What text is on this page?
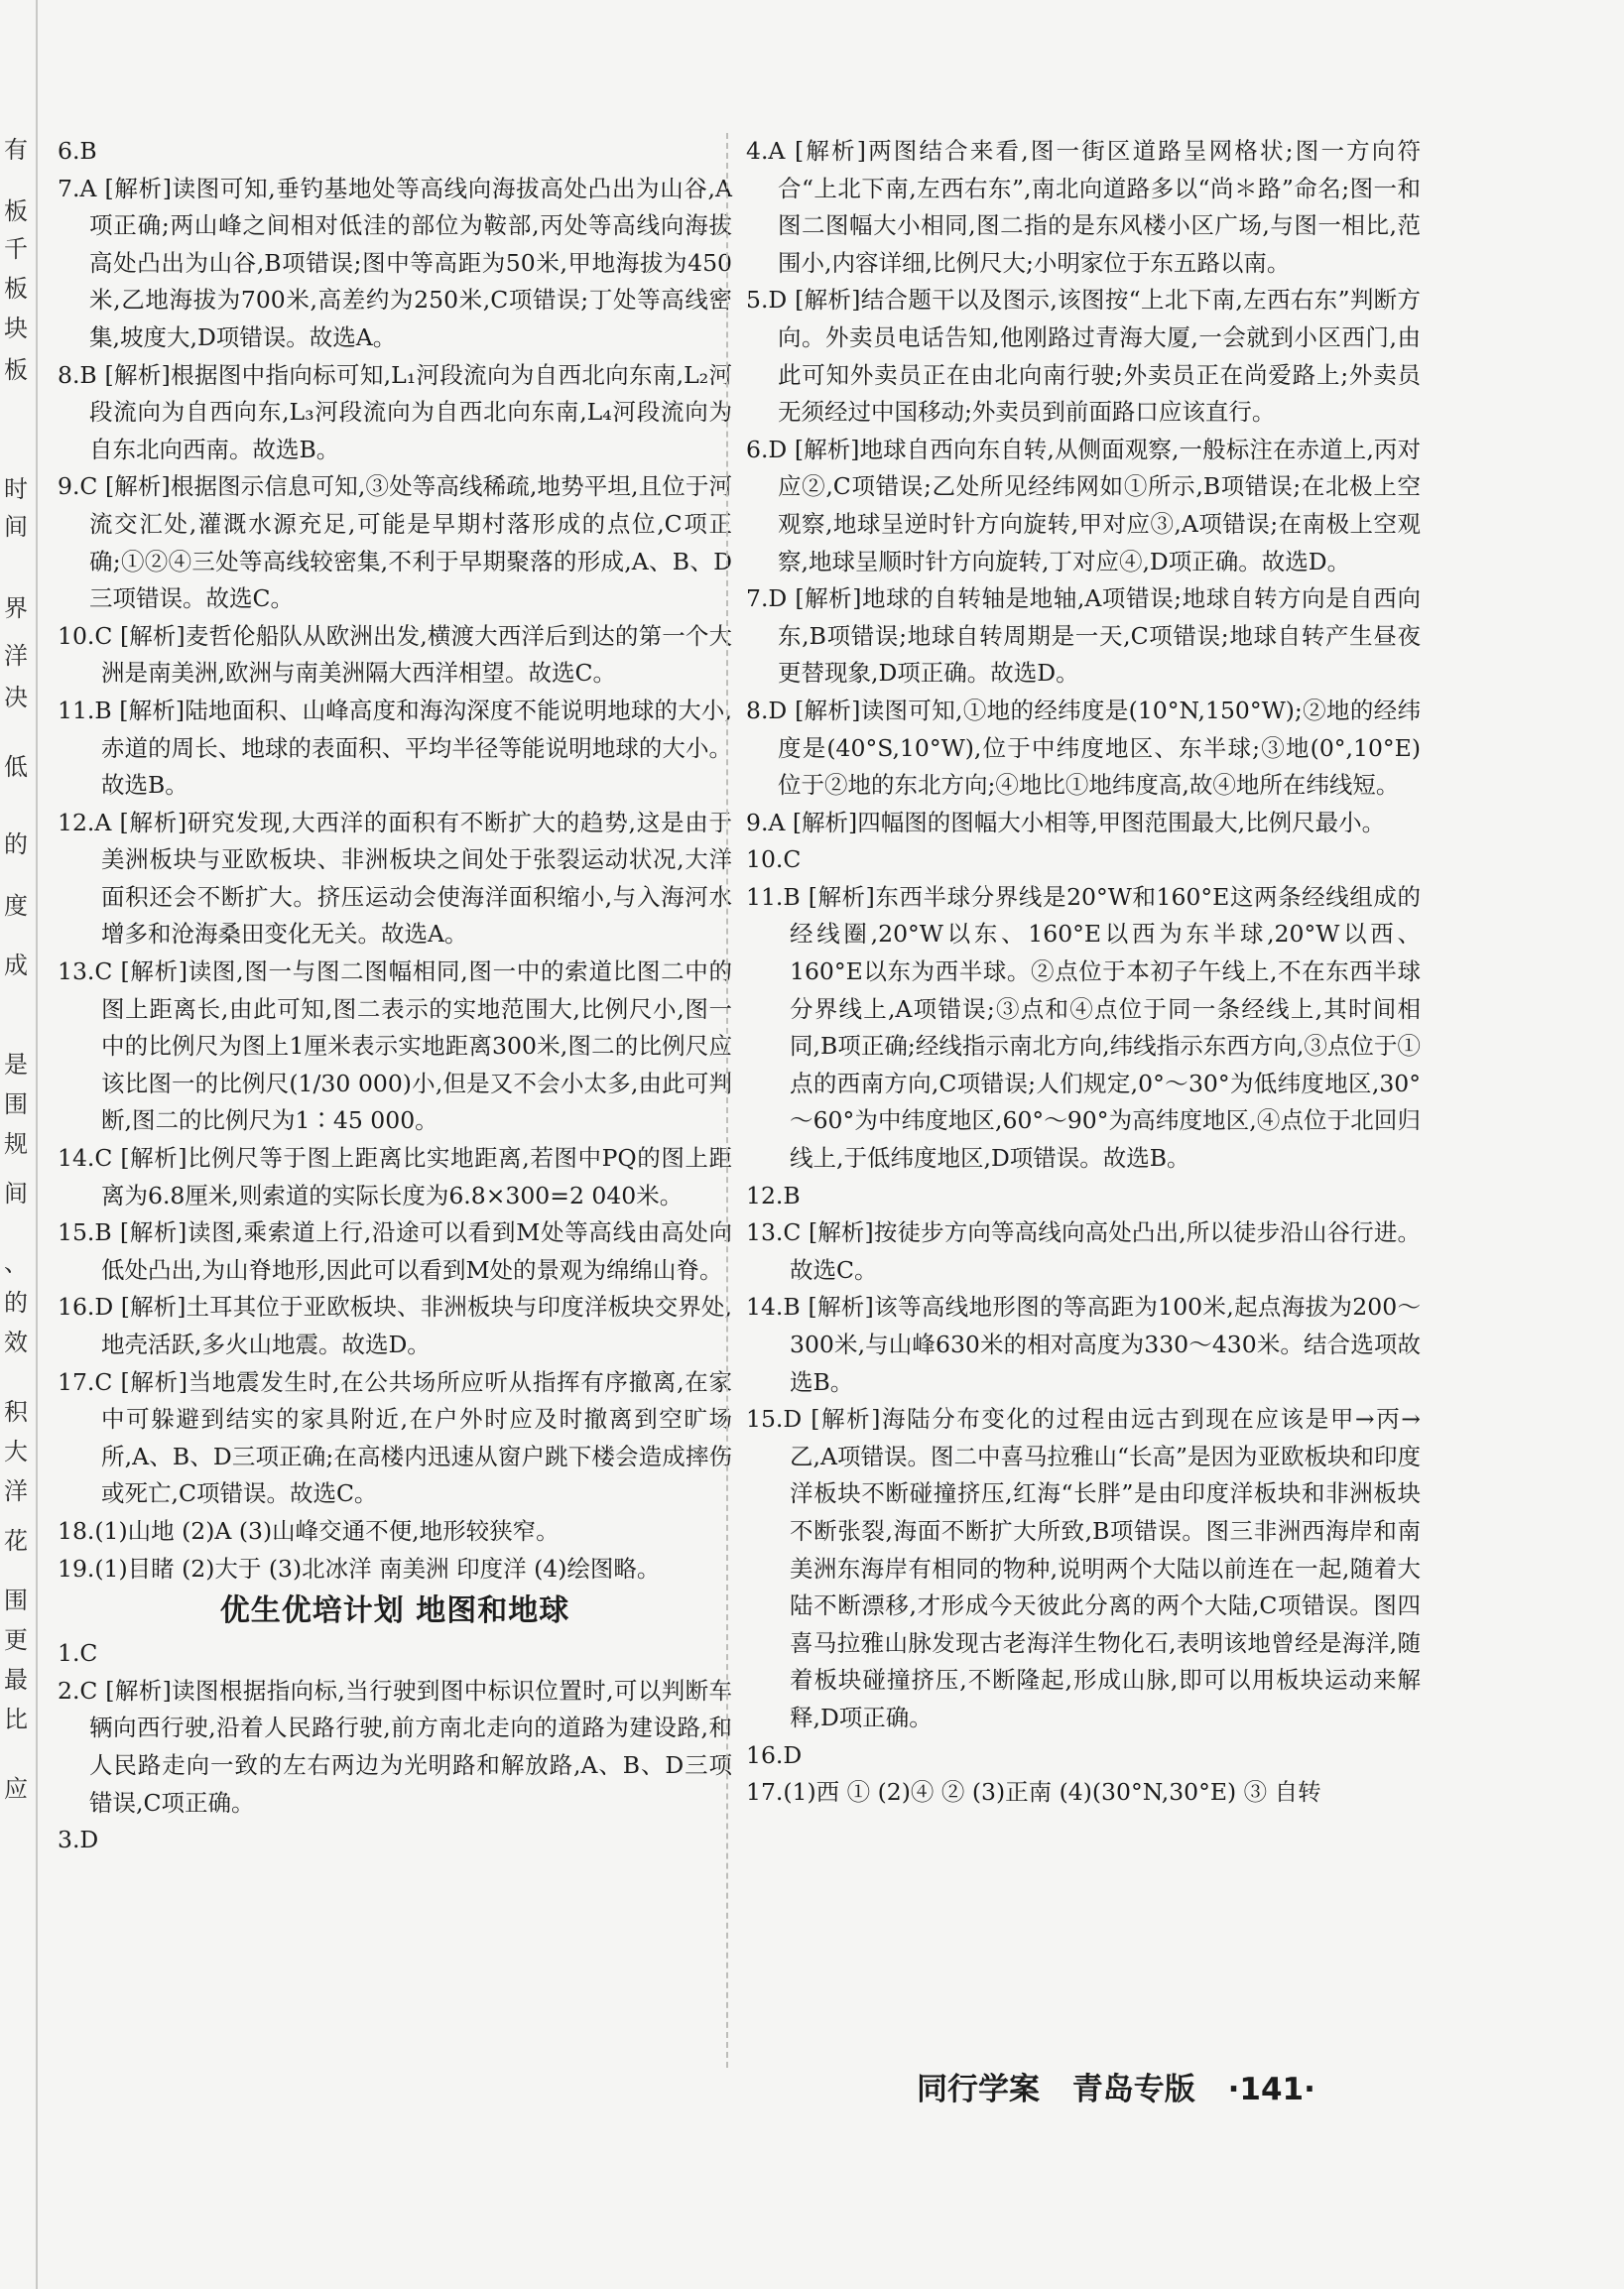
有
板
千
板
块
板
时
间
界
洋
决
低
的
度
成
是
围
规
间
、
的
效
积
大
洋
花
围
更
最
比
应
6.B
7.A [解析]读图可知,垂钓基地处等高线向海拔高处凸出为山谷,A项正确;两山峰之间相对低洼的部位为鞍部,丙处等高线向海拔高处凸出为山谷,B项错误;图中等高距为50米,甲地海拔为450米,乙地海拔为700米,高差约为250米,C项错误;丁处等高线密集,坡度大,D项错误。故选A。
8.B [解析]根据图中指向标可知,L₁河段流向为自西北向东南,L₂河段流向为自西向东,L₃河段流向为自西北向东南,L₄河段流向为自东北向西南。故选B。
9.C [解析]根据图示信息可知,③处等高线稀疏,地势平坦,且位于河流交汇处,灌溉水源充足,可能是早期村落形成的点位,C项正确;①②④三处等高线较密集,不利于早期聚落的形成,A、B、D三项错误。故选C。
10.C [解析]麦哲伦船队从欧洲出发,横渡大西洋后到达的第一个大洲是南美洲,欧洲与南美洲隔大西洋相望。故选C。
11.B [解析]陆地面积、山峰高度和海沟深度不能说明地球的大小,赤道的周长、地球的表面积、平均半径等能说明地球的大小。故选B。
12.A [解析]研究发现,大西洋的面积有不断扩大的趋势,这是由于美洲板块与亚欧板块、非洲板块之间处于张裂运动状况,大洋面积还会不断扩大。挤压运动会使海洋面积缩小,与入海河水增多和沧海桑田变化无关。故选A。
13.C [解析]读图,图一与图二图幅相同,图一中的索道比图二中的图上距离长,由此可知,图二表示的实地范围大,比例尺小,图一中的比例尺为图上1厘米表示实地距离300米,图二的比例尺应该比图一的比例尺(1/30 000)小,但是又不会小太多,由此可判断,图二的比例尺为1∶45 000。
14.C [解析]比例尺等于图上距离比实地距离,若图中PQ的图上距离为6.8厘米,则索道的实际长度为6.8×300=2 040米。
15.B [解析]读图,乘索道上行,沿途可以看到M处等高线由高处向低处凸出,为山脊地形,因此可以看到M处的景观为绵绵山脊。
16.D [解析]土耳其位于亚欧板块、非洲板块与印度洋板块交界处,地壳活跃,多火山地震。故选D。
17.C [解析]当地震发生时,在公共场所应听从指挥有序撤离,在家中可躲避到结实的家具附近,在户外时应及时撤离到空旷场所,A、B、D三项正确;在高楼内迅速从窗户跳下楼会造成摔伤或死亡,C项错误。故选C。
18.(1)山地 (2)A (3)山峰交通不便,地形较狭窄。
19.(1)目睹 (2)大于 (3)北冰洋 南美洲 印度洋 (4)绘图略。
优生优培计划 地图和地球
1.C
2.C [解析]读图根据指向标,当行驶到图中标识位置时,可以判断车辆向西行驶,沿着人民路行驶,前方南北走向的道路为建设路,和人民路走向一致的左右两边为光明路和解放路,A、B、D三项错误,C项正确。
3.D
4.A [解析]两图结合来看,图一街区道路呈网格状;图一方向符合“上北下南,左西右东”,南北向道路多以“尚＊路”命名;图一和图二图幅大小相同,图二指的是东风楼小区广场,与图一相比,范围小,内容详细,比例尺大;小明家位于东五路以南。
5.D [解析]结合题干以及图示,该图按“上北下南,左西右东”判断方向。外卖员电话告知,他刚路过青海大厦,一会就到小区西门,由此可知外卖员正在由北向南行驶;外卖员正在尚爱路上;外卖员无须经过中国移动;外卖员到前面路口应该直行。
6.D [解析]地球自西向东自转,从侧面观察,一般标注在赤道上,丙对应②,C项错误;乙处所见经纬网如①所示,B项错误;在北极上空观察,地球呈逆时针方向旋转,甲对应③,A项错误;在南极上空观察,地球呈顺时针方向旋转,丁对应④,D项正确。故选D。
7.D [解析]地球的自转轴是地轴,A项错误;地球自转方向是自西向东,B项错误;地球自转周期是一天,C项错误;地球自转产生昼夜更替现象,D项正确。故选D。
8.D [解析]读图可知,①地的经纬度是(10°N,150°W);②地的经纬度是(40°S,10°W),位于中纬度地区、东半球;③地(0°,10°E)位于②地的东北方向;④地比①地纬度高,故④地所在纬线短。
9.A [解析]四幅图的图幅大小相等,甲图范围最大,比例尺最小。
10.C
11.B [解析]东西半球分界线是20°W和160°E这两条经线组成的经线圈,20°W以东、160°E以西为东半球,20°W以西、160°E以东为西半球。②点位于本初子午线上,不在东西半球分界线上,A项错误;③点和④点位于同一条经线上,其时间相同,B项正确;经线指示南北方向,纬线指示东西方向,③点位于①点的西南方向,C项错误;人们规定,0°～30°为低纬度地区,30°～60°为中纬度地区,60°～90°为高纬度地区,④点位于北回归线上,于低纬度地区,D项错误。故选B。
12.B
13.C [解析]按徒步方向等高线向高处凸出,所以徒步沿山谷行进。故选C。
14.B [解析]该等高线地形图的等高距为100米,起点海拔为200～300米,与山峰630米的相对高度为330～430米。结合选项故选B。
15.D [解析]海陆分布变化的过程由远古到现在应该是甲→丙→乙,A项错误。图二中喜马拉雅山“长高”是因为亚欧板块和印度洋板块不断碰撞挤压,红海“长胖”是由印度洋板块和非洲板块不断张裂,海面不断扩大所致,B项错误。图三非洲西海岸和南美洲东海岸有相同的物种,说明两个大陆以前连在一起,随着大陆不断漂移,才形成今天彼此分离的两个大陆,C项错误。图四喜马拉雅山脉发现古老海洋生物化石,表明该地曾经是海洋,随着板块碰撞挤压,不断隆起,形成山脉,即可以用板块运动来解释,D项正确。
16.D
17.(1)西 ① (2)④ ② (3)正南 (4)(30°N,30°E) ③ 自转
同行学案 青岛专版 ·141·
